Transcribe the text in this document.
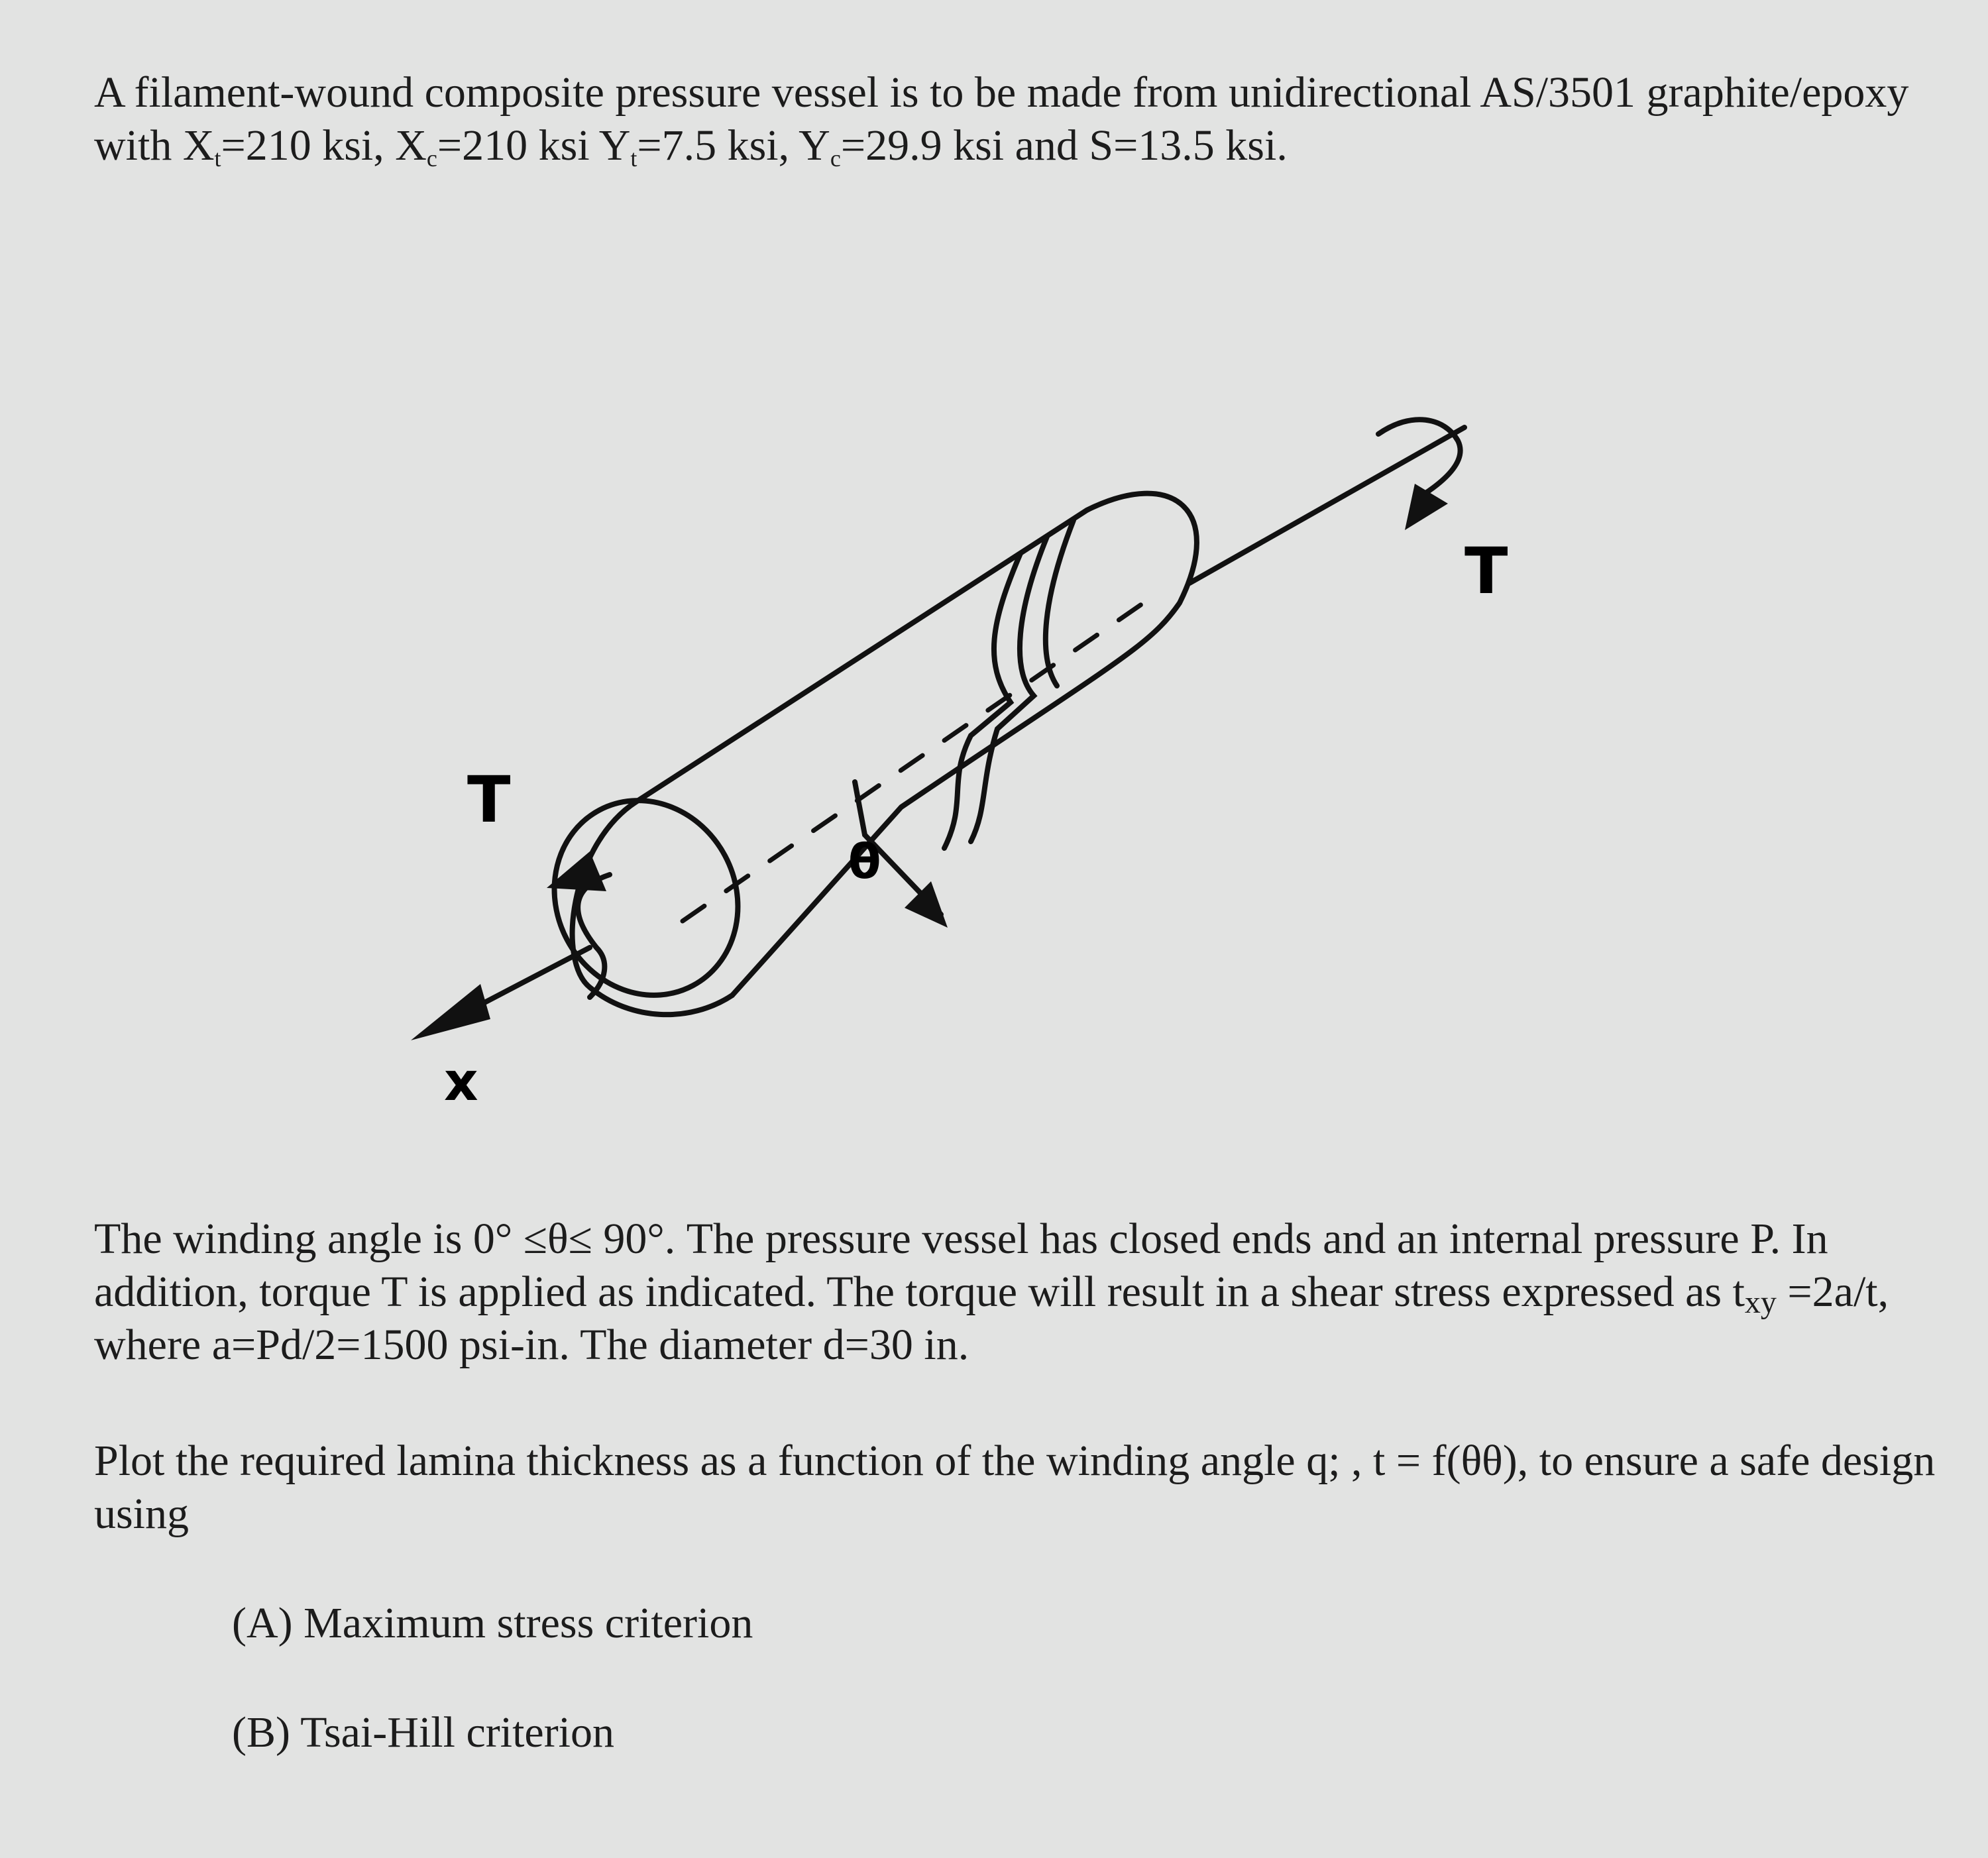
A filament-wound composite pressure vessel is to be made from unidirectional AS/3501 graphite/epoxy with $X_t=210$ ksi, $X_c=210$ ksi $Y_t=7.5$ ksi, $Y_c=29.9$ ksi and S=13.5 ksi.

T
T
θ
x

The winding angle is 0° ≤θ≤ 90°. The pressure vessel has closed ends and an internal pressure P. In addition, torque T is applied as indicated. The torque will result in a shear stress expressed as $t_{xy} =2a/t$, where a=Pd/2=1500 psi-in. The diameter d=30 in.

Plot the required lamina thickness as a function of the winding angle q; , t = f(θθ), to ensure a safe design using

(A) Maximum stress criterion

(B) Tsai-Hill criterion
